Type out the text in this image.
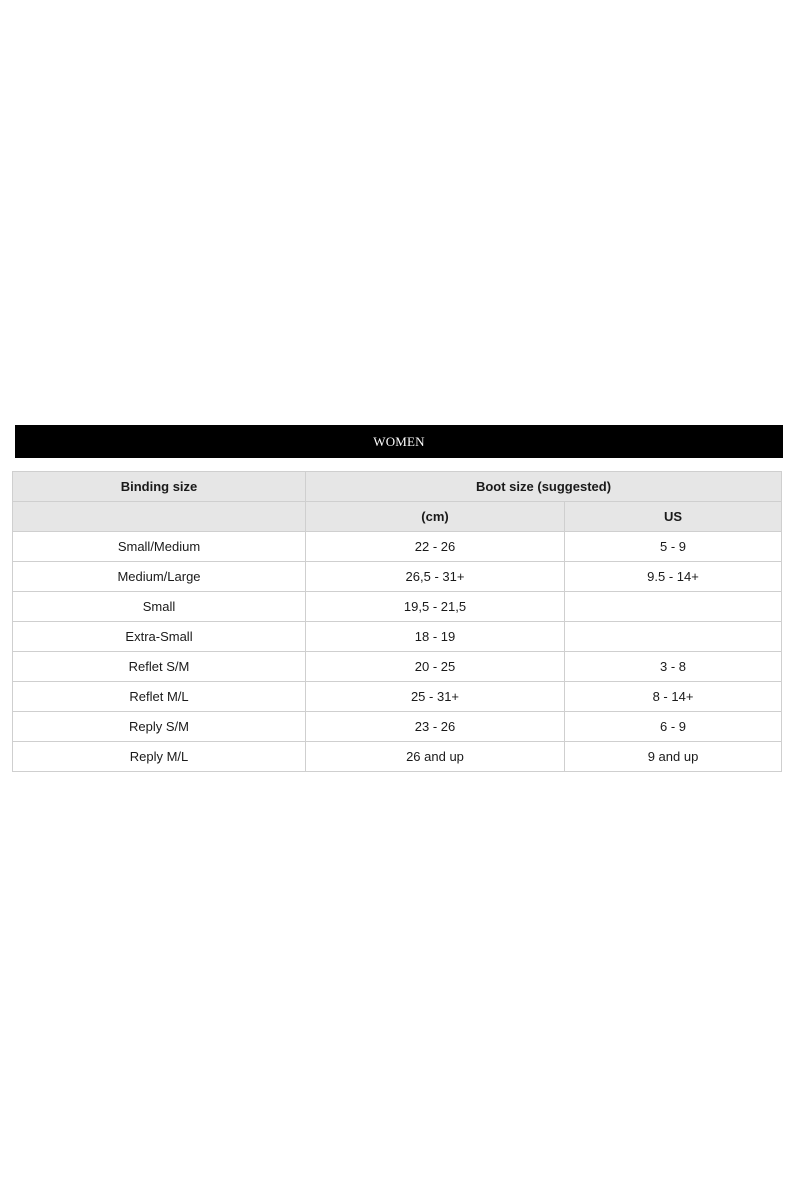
WOMEN
Binding size	Boot size (suggested)	
	(cm)	US
Small/Medium	22 - 26	5 - 9
Medium/Large	26,5 - 31+	9.5 - 14+
Small	19,5 - 21,5	
Extra-Small	18 - 19	
Reflet S/M	20 - 25	3 - 8
Reflet M/L	25 - 31+	8 - 14+
Reply S/M	23 - 26	6 - 9
Reply M/L	26 and up	9 and up
